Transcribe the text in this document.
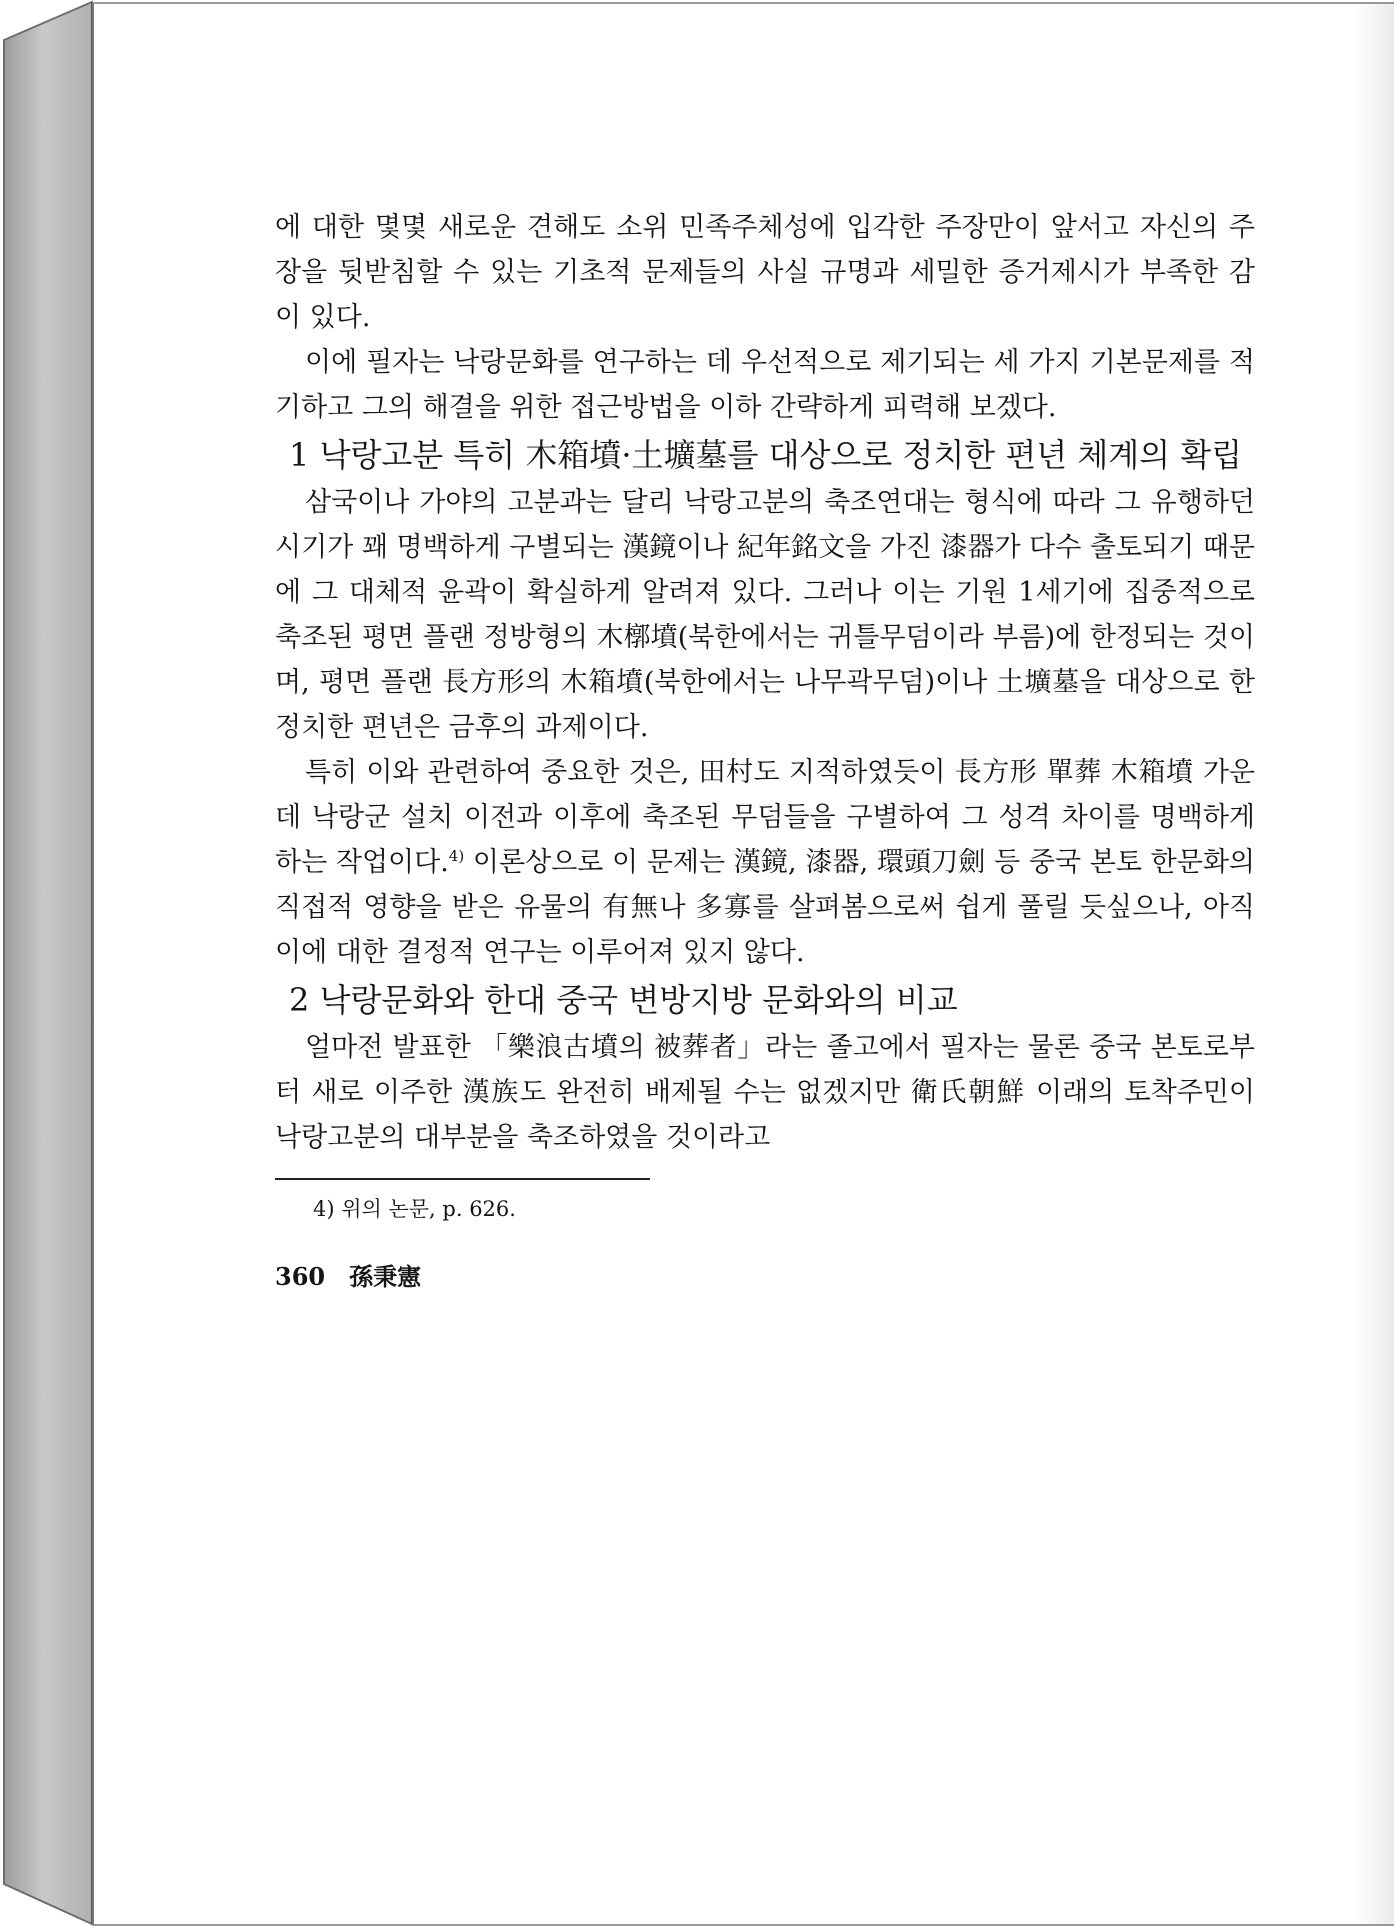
에 대한 몇몇 새로운 견해도 소위 민족주체성에 입각한 주장만이 앞서고 자신의 주장을 뒷받침할 수 있는 기초적 문제들의 사실 규명과 세밀한 증거제시가 부족한 감이 있다.

이에 필자는 낙랑문화를 연구하는 데 우선적으로 제기되는 세 가지 기본문제를 적기하고 그의 해결을 위한 접근방법을 이하 간략하게 피력해 보겠다.

1 낙랑고분 특히 木箱墳·土壙墓를 대상으로 정치한 편년 체계의 확립

삼국이나 가야의 고분과는 달리 낙랑고분의 축조연대는 형식에 따라 그 유행하던 시기가 꽤 명백하게 구별되는 漢鏡이나 紀年銘文을 가진 漆器가 다수 출토되기 때문에 그 대체적 윤곽이 확실하게 알려져 있다. 그러나 이는 기원 1세기에 집중적으로 축조된 평면 플랜 정방형의 木槨墳(북한에서는 귀틀무덤이라 부름)에 한정되는 것이며, 평면 플랜 長方形의 木箱墳(북한에서는 나무곽무덤)이나 土壙墓을 대상으로 한 정치한 편년은 금후의 과제이다.

특히 이와 관련하여 중요한 것은, 田村도 지적하였듯이 長方形 單葬 木箱墳 가운데 낙랑군 설치 이전과 이후에 축조된 무덤들을 구별하여 그 성격 차이를 명백하게 하는 작업이다.$^{4)}$ 이론상으로 이 문제는 漢鏡, 漆器, 環頭刀劍 등 중국 본토 한문화의 직접적 영향을 받은 유물의 有無나 多寡를 살펴봄으로써 쉽게 풀릴 듯싶으나, 아직 이에 대한 결정적 연구는 이루어져 있지 않다.

2 낙랑문화와 한대 중국 변방지방 문화와의 비교

얼마전 발표한 「樂浪古墳의 被葬者」라는 졸고에서 필자는 물론 중국 본토로부터 새로 이주한 漢族도 완전히 배제될 수는 없겠지만 衛氏朝鮮 이래의 토착주민이 낙랑고분의 대부분을 축조하였을 것이라고

4) 위의 논문, p. 626.
360 孫秉憲
